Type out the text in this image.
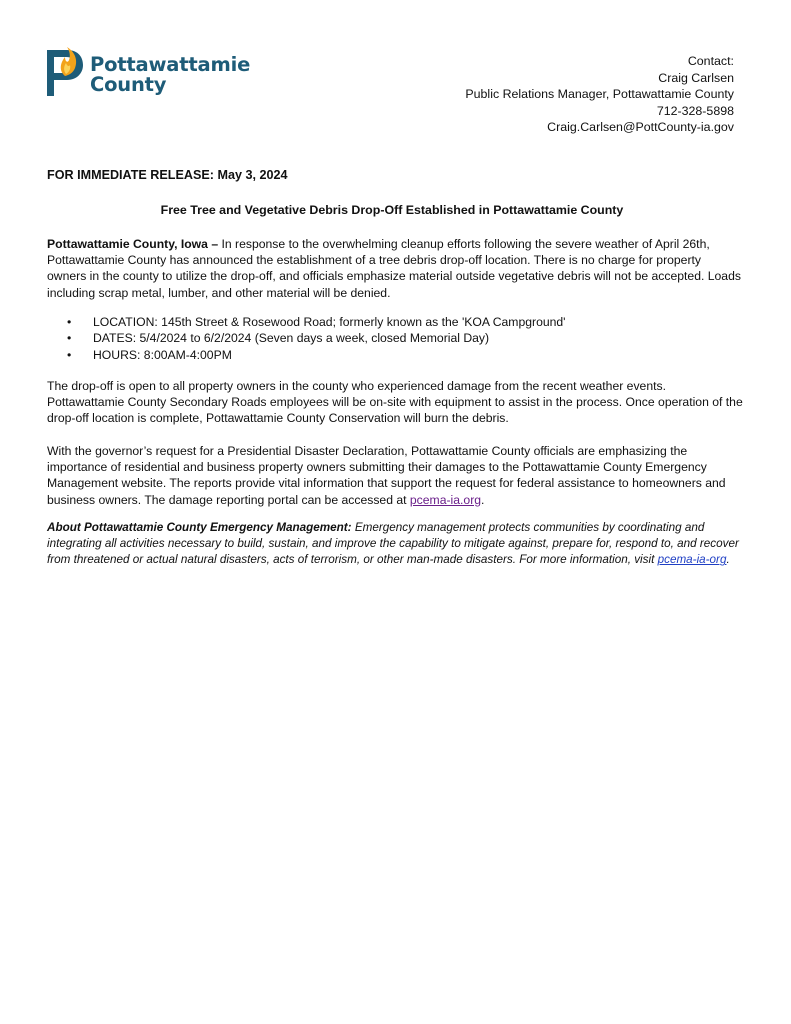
Pottawattamie
County
Contact:
Craig Carlsen
Public Relations Manager, Pottawattamie County
712-328-5898
Craig.Carlsen@PottCounty-ia.gov
FOR IMMEDIATE RELEASE: May 3, 2024
Free Tree and Vegetative Debris Drop-Off Established in Pottawattamie County
Pottawattamie County, Iowa – In response to the overwhelming cleanup efforts following the severe weather of April 26th, Pottawattamie County has announced the establishment of a tree debris drop-off location. There is no charge for property owners in the county to utilize the drop-off, and officials emphasize material outside vegetative debris will not be accepted. Loads including scrap metal, lumber, and other material will be denied.
• LOCATION: 145th Street & Rosewood Road; formerly known as the 'KOA Campground'
• DATES: 5/4/2024 to 6/2/2024 (Seven days a week, closed Memorial Day)
• HOURS: 8:00AM-4:00PM
The drop-off is open to all property owners in the county who experienced damage from the recent weather events. Pottawattamie County Secondary Roads employees will be on-site with equipment to assist in the process. Once operation of the drop-off location is complete, Pottawattamie County Conservation will burn the debris.
With the governor’s request for a Presidential Disaster Declaration, Pottawattamie County officials are emphasizing the importance of residential and business property owners submitting their damages to the Pottawattamie County Emergency Management website. The reports provide vital information that support the request for federal assistance to homeowners and business owners. The damage reporting portal can be accessed at pcema-ia.org.
About Pottawattamie County Emergency Management: Emergency management protects communities by coordinating and integrating all activities necessary to build, sustain, and improve the capability to mitigate against, prepare for, respond to, and recover from threatened or actual natural disasters, acts of terrorism, or other man-made disasters. For more information, visit pcema-ia-org.
